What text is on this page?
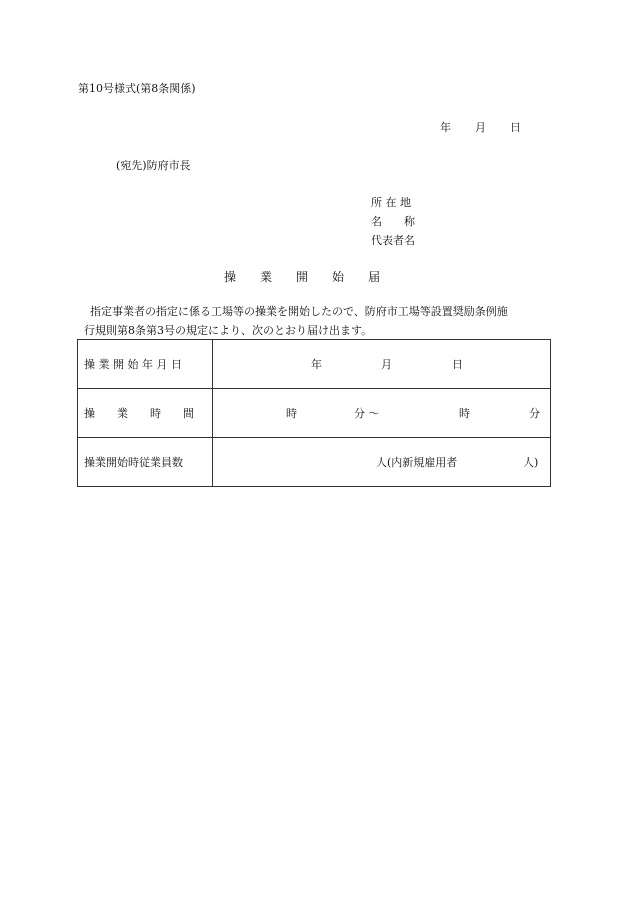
第10号様式(第8条関係)
年 月 日
(宛先)防府市長
所 在 地
名　　称
代表者名
操 業 開 始 届
指定事業者の指定に係る工場等の操業を開始したので、防府市工場等設置奨励条例施
行規則第8条第3号の規定により、次のとおり届け出ます。
操 業 開 始 年 月 日	年 月 日

操　　業　　時　　間	時 分 〜 時 分

操業開始時従業員数	人(内新規雇用者 人)
